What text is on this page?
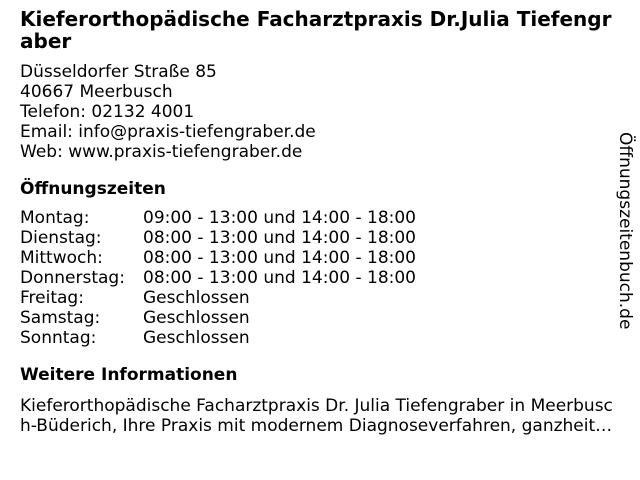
Kieferorthopädische Facharztpraxis Dr.Julia Tiefengraber
Düsseldorfer Straße 85
40667 Meerbusch
Telefon: 02132 4001
Email: info@praxis-tiefengraber.de
Web: www.praxis-tiefengraber.de
Öffnungszeiten
Montag:	09:00 - 13:00 und 14:00 - 18:00
Dienstag:	08:00 - 13:00 und 14:00 - 18:00
Mittwoch:	08:00 - 13:00 und 14:00 - 18:00
Donnerstag:	08:00 - 13:00 und 14:00 - 18:00
Freitag:	Geschlossen
Samstag:	Geschlossen
Sonntag:	Geschlossen
Weitere Informationen
Kieferorthopädische Facharztpraxis Dr. Julia Tiefengraber in Meerbusc
h-Büderich, Ihre Praxis mit modernem Diagnoseverfahren, ganzheit…
Öffnungszeitenbuch.de
